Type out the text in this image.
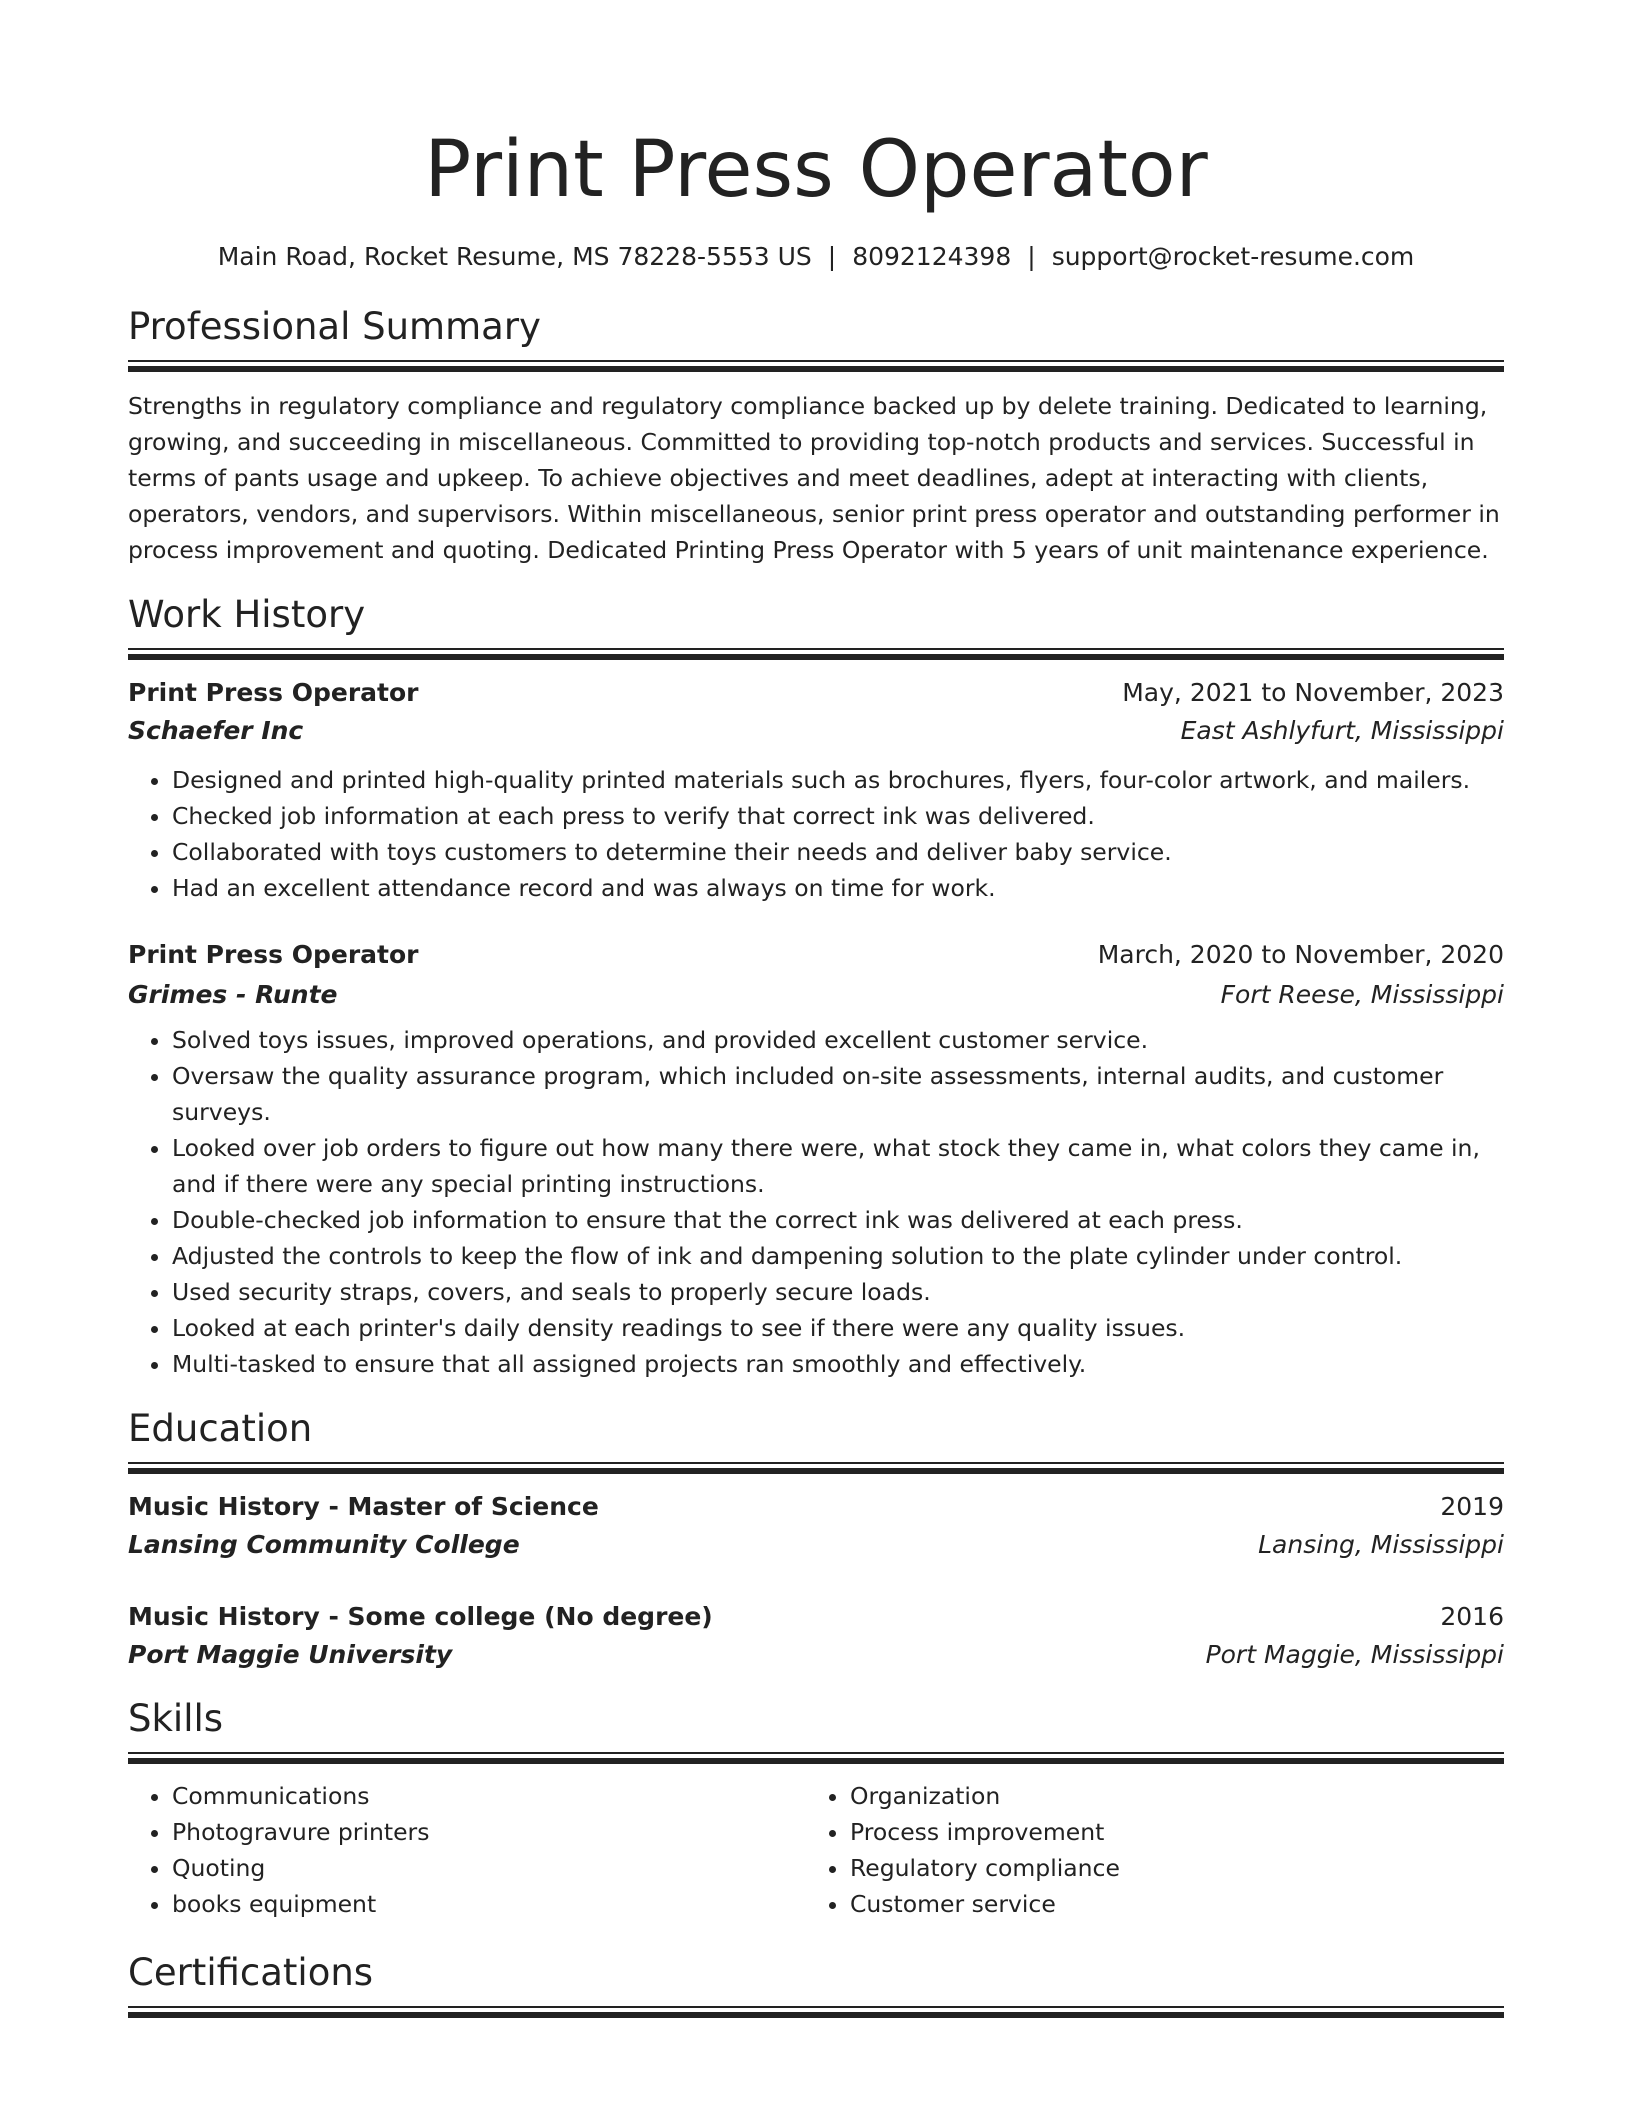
Print Press Operator
Main Road, Rocket Resume, MS 78228-5553 US | 8092124398 | support@rocket-resume.com
Professional Summary
Strengths in regulatory compliance and regulatory compliance backed up by delete training. Dedicated to learning, growing, and succeeding in miscellaneous. Committed to providing top-notch products and services. Successful in terms of pants usage and upkeep. To achieve objectives and meet deadlines, adept at interacting with clients, operators, vendors, and supervisors. Within miscellaneous, senior print press operator and outstanding performer in process improvement and quoting. Dedicated Printing Press Operator with 5 years of unit maintenance experience.
Work History
Print Press Operator	May, 2021 to November, 2023
Schaefer Inc	East Ashlyfurt, Mississippi
• Designed and printed high-quality printed materials such as brochures, flyers, four-color artwork, and mailers.
• Checked job information at each press to verify that correct ink was delivered.
• Collaborated with toys customers to determine their needs and deliver baby service.
• Had an excellent attendance record and was always on time for work.
Print Press Operator	March, 2020 to November, 2020
Grimes - Runte	Fort Reese, Mississippi
• Solved toys issues, improved operations, and provided excellent customer service.
• Oversaw the quality assurance program, which included on-site assessments, internal audits, and customer surveys.
• Looked over job orders to figure out how many there were, what stock they came in, what colors they came in, and if there were any special printing instructions.
• Double-checked job information to ensure that the correct ink was delivered at each press.
• Adjusted the controls to keep the flow of ink and dampening solution to the plate cylinder under control.
• Used security straps, covers, and seals to properly secure loads.
• Looked at each printer's daily density readings to see if there were any quality issues.
• Multi-tasked to ensure that all assigned projects ran smoothly and effectively.
Education
Music History - Master of Science	2019
Lansing Community College	Lansing, Mississippi
Music History - Some college (No degree)	2016
Port Maggie University	Port Maggie, Mississippi
Skills
• Communications
• Photogravure printers
• Quoting
• books equipment
• Organization
• Process improvement
• Regulatory compliance
• Customer service
Certifications
